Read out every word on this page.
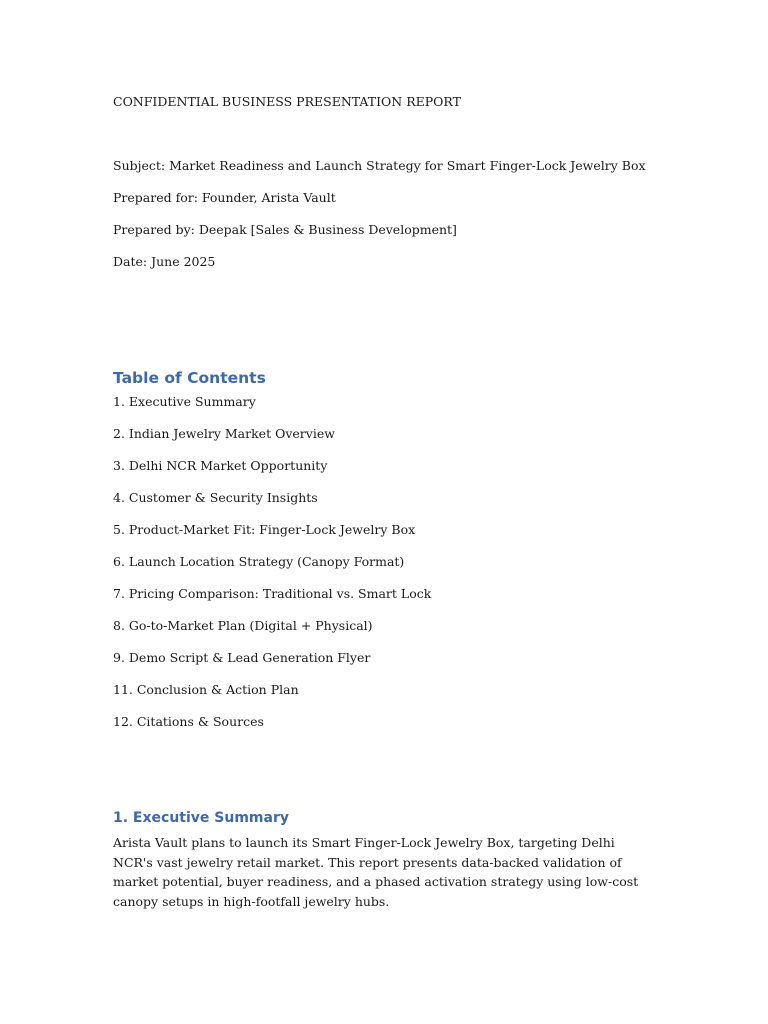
CONFIDENTIAL BUSINESS PRESENTATION REPORT
Subject: Market Readiness and Launch Strategy for Smart Finger-Lock Jewelry Box
Prepared for: Founder, Arista Vault
Prepared by: Deepak [Sales & Business Development]
Date: June 2025
Table of Contents
1. Executive Summary
2. Indian Jewelry Market Overview
3. Delhi NCR Market Opportunity
4. Customer & Security Insights
5. Product-Market Fit: Finger-Lock Jewelry Box
6. Launch Location Strategy (Canopy Format)
7. Pricing Comparison: Traditional vs. Smart Lock
8. Go-to-Market Plan (Digital + Physical)
9. Demo Script & Lead Generation Flyer
11. Conclusion & Action Plan
12. Citations & Sources
1. Executive Summary
Arista Vault plans to launch its Smart Finger-Lock Jewelry Box, targeting Delhi NCR's vast jewelry retail market. This report presents data-backed validation of market potential, buyer readiness, and a phased activation strategy using low-cost canopy setups in high-footfall jewelry hubs.
